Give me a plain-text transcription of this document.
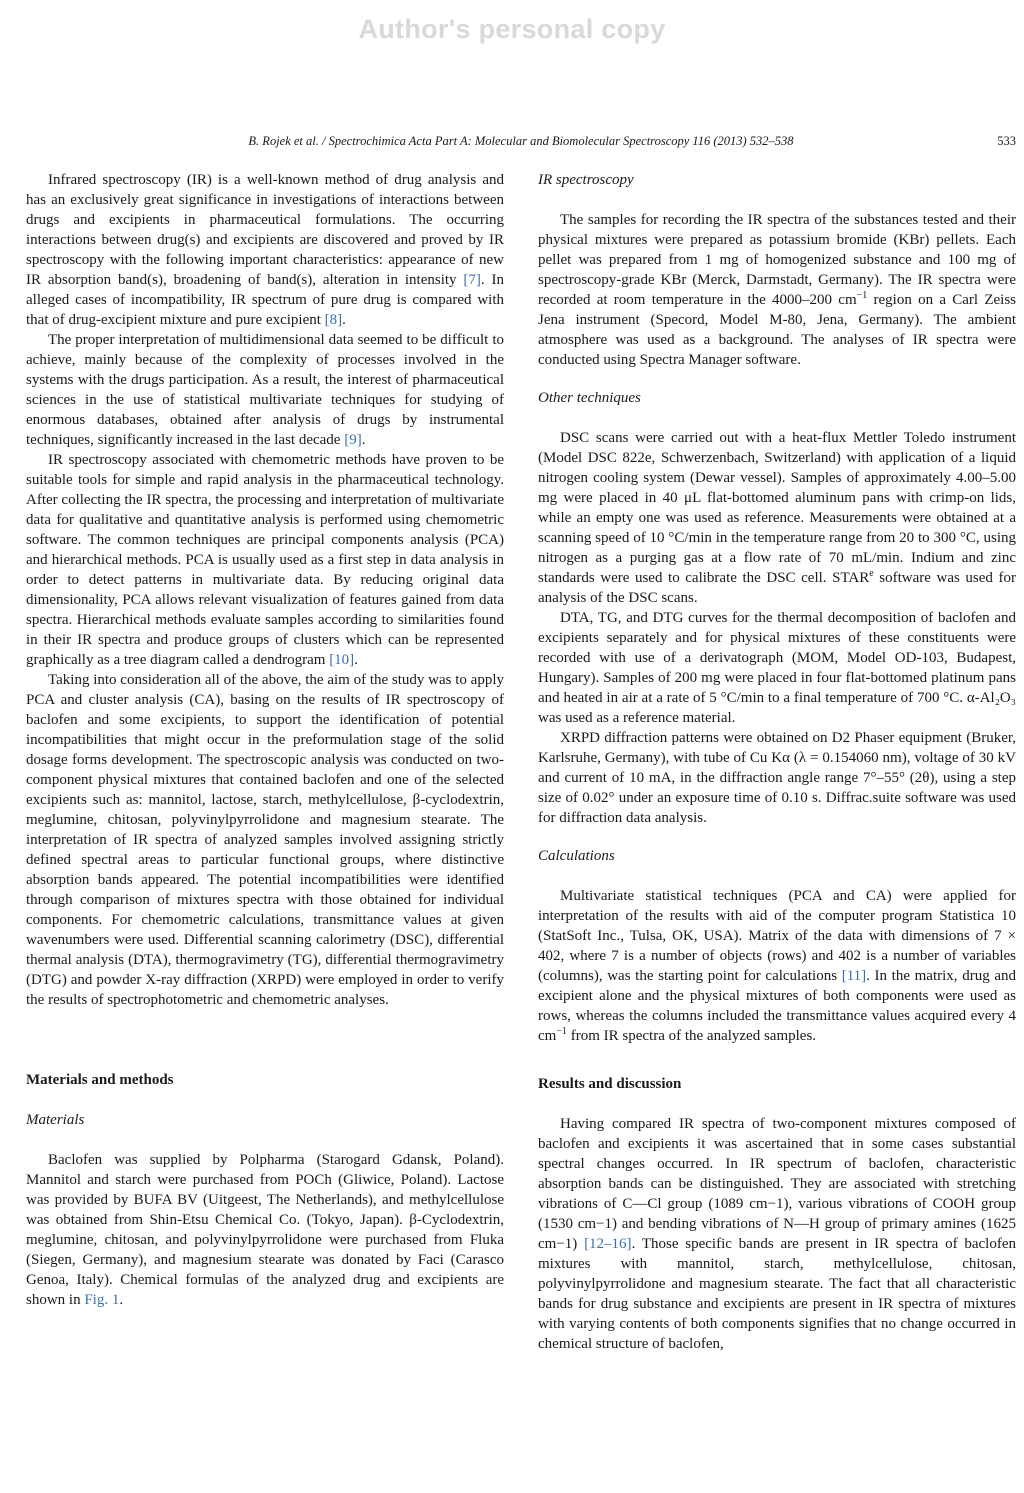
Author's personal copy
B. Rojek et al. / Spectrochimica Acta Part A: Molecular and Biomolecular Spectroscopy 116 (2013) 532–538	533

Infrared spectroscopy (IR) is a well-known method of drug analysis and has an exclusively great significance in investigations of interactions between drugs and excipients in pharmaceutical formulations. The occurring interactions between drug(s) and excipients are discovered and proved by IR spectroscopy with the following important characteristics: appearance of new IR absorption band(s), broadening of band(s), alteration in intensity [7]. In alleged cases of incompatibility, IR spectrum of pure drug is compared with that of drug-excipient mixture and pure excipient [8].

The proper interpretation of multidimensional data seemed to be difficult to achieve, mainly because of the complexity of processes involved in the systems with the drugs participation. As a result, the interest of pharmaceutical sciences in the use of statistical multivariate techniques for studying of enormous databases, obtained after analysis of drugs by instrumental techniques, significantly increased in the last decade [9].

IR spectroscopy associated with chemometric methods have proven to be suitable tools for simple and rapid analysis in the pharmaceutical technology. After collecting the IR spectra, the processing and interpretation of multivariate data for qualitative and quantitative analysis is performed using chemometric software. The common techniques are principal components analysis (PCA) and hierarchical methods. PCA is usually used as a first step in data analysis in order to detect patterns in multivariate data. By reducing original data dimensionality, PCA allows relevant visualization of features gained from data spectra. Hierarchical methods evaluate samples according to similarities found in their IR spectra and produce groups of clusters which can be represented graphically as a tree diagram called a dendrogram [10].

Taking into consideration all of the above, the aim of the study was to apply PCA and cluster analysis (CA), basing on the results of IR spectroscopy of baclofen and some excipients, to support the identification of potential incompatibilities that might occur in the preformulation stage of the solid dosage forms development. The spectroscopic analysis was conducted on two-component physical mixtures that contained baclofen and one of the selected excipients such as: mannitol, lactose, starch, methylcellulose, β-cyclodextrin, meglumine, chitosan, polyvinylpyrrolidone and magnesium stearate. The interpretation of IR spectra of analyzed samples involved assigning strictly defined spectral areas to particular functional groups, where distinctive absorption bands appeared. The potential incompatibilities were identified through comparison of mixtures spectra with those obtained for individual components. For chemometric calculations, transmittance values at given wavenumbers were used. Differential scanning calorimetry (DSC), differential thermal analysis (DTA), thermogravimetry (TG), differential thermogravimetry (DTG) and powder X-ray diffraction (XRPD) were employed in order to verify the results of spectrophotometric and chemometric analyses.

Materials and methods
Materials

Baclofen was supplied by Polpharma (Starogard Gdansk, Poland). Mannitol and starch were purchased from POCh (Gliwice, Poland). Lactose was provided by BUFA BV (Uitgeest, The Netherlands), and methylcellulose was obtained from Shin-Etsu Chemical Co. (Tokyo, Japan). β-Cyclodextrin, meglumine, chitosan, and polyvinylpyrrolidone were purchased from Fluka (Siegen, Germany), and magnesium stearate was donated by Faci (Carasco Genoa, Italy). Chemical formulas of the analyzed drug and excipients are shown in Fig. 1.

IR spectroscopy

The samples for recording the IR spectra of the substances tested and their physical mixtures were prepared as potassium bromide (KBr) pellets. Each pellet was prepared from 1 mg of homogenized substance and 100 mg of spectroscopy-grade KBr (Merck, Darmstadt, Germany). The IR spectra were recorded at room temperature in the 4000–200 $cm^{-1}$ region on a Carl Zeiss Jena instrument (Specord, Model M-80, Jena, Germany). The ambient atmosphere was used as a background. The analyses of IR spectra were conducted using Spectra Manager software.

Other techniques

DSC scans were carried out with a heat-flux Mettler Toledo instrument (Model DSC 822e, Schwerzenbach, Switzerland) with application of a liquid nitrogen cooling system (Dewar vessel). Samples of approximately 4.00–5.00 mg were placed in 40 μL flat-bottomed aluminum pans with crimp-on lids, while an empty one was used as reference. Measurements were obtained at a scanning speed of 10 °C/min in the temperature range from 20 to 300 °C, using nitrogen as a purging gas at a flow rate of 70 mL/min. Indium and zinc standards were used to calibrate the DSC cell. STAR$^e$ software was used for analysis of the DSC scans.

DTA, TG, and DTG curves for the thermal decomposition of baclofen and excipients separately and for physical mixtures of these constituents were recorded with use of a derivatograph (MOM, Model OD-103, Budapest, Hungary). Samples of 200 mg were placed in four flat-bottomed platinum pans and heated in air at a rate of 5 °C/min to a final temperature of 700 °C. α-Al₂O₃ was used as a reference material.

XRPD diffraction patterns were obtained on D2 Phaser equipment (Bruker, Karlsruhe, Germany), with tube of Cu Kα (λ = 0.154060 nm), voltage of 30 kV and current of 10 mA, in the diffraction angle range 7°–55° (2θ), using a step size of 0.02° under an exposure time of 0.10 s. Diffrac.suite software was used for diffraction data analysis.

Calculations

Multivariate statistical techniques (PCA and CA) were applied for interpretation of the results with aid of the computer program Statistica 10 (StatSoft Inc., Tulsa, OK, USA). Matrix of the data with dimensions of 7 × 402, where 7 is a number of objects (rows) and 402 is a number of variables (columns), was the starting point for calculations [11]. In the matrix, drug and excipient alone and the physical mixtures of both components were used as rows, whereas the columns included the transmittance values acquired every 4 $cm^{-1}$ from IR spectra of the analyzed samples.

Results and discussion

Having compared IR spectra of two-component mixtures composed of baclofen and excipients it was ascertained that in some cases substantial spectral changes occurred. In IR spectrum of baclofen, characteristic absorption bands can be distinguished. They are associated with stretching vibrations of C—Cl group (1089 cm−1), various vibrations of COOH group (1530 cm−1) and bending vibrations of N—H group of primary amines (1625 cm−1) [12–16]. Those specific bands are present in IR spectra of baclofen mixtures with mannitol, starch, methylcellulose, chitosan, polyvinylpyrrolidone and magnesium stearate. The fact that all characteristic bands for drug substance and excipients are present in IR spectra of mixtures with varying contents of both components signifies that no change occurred in chemical structure of baclofen,
